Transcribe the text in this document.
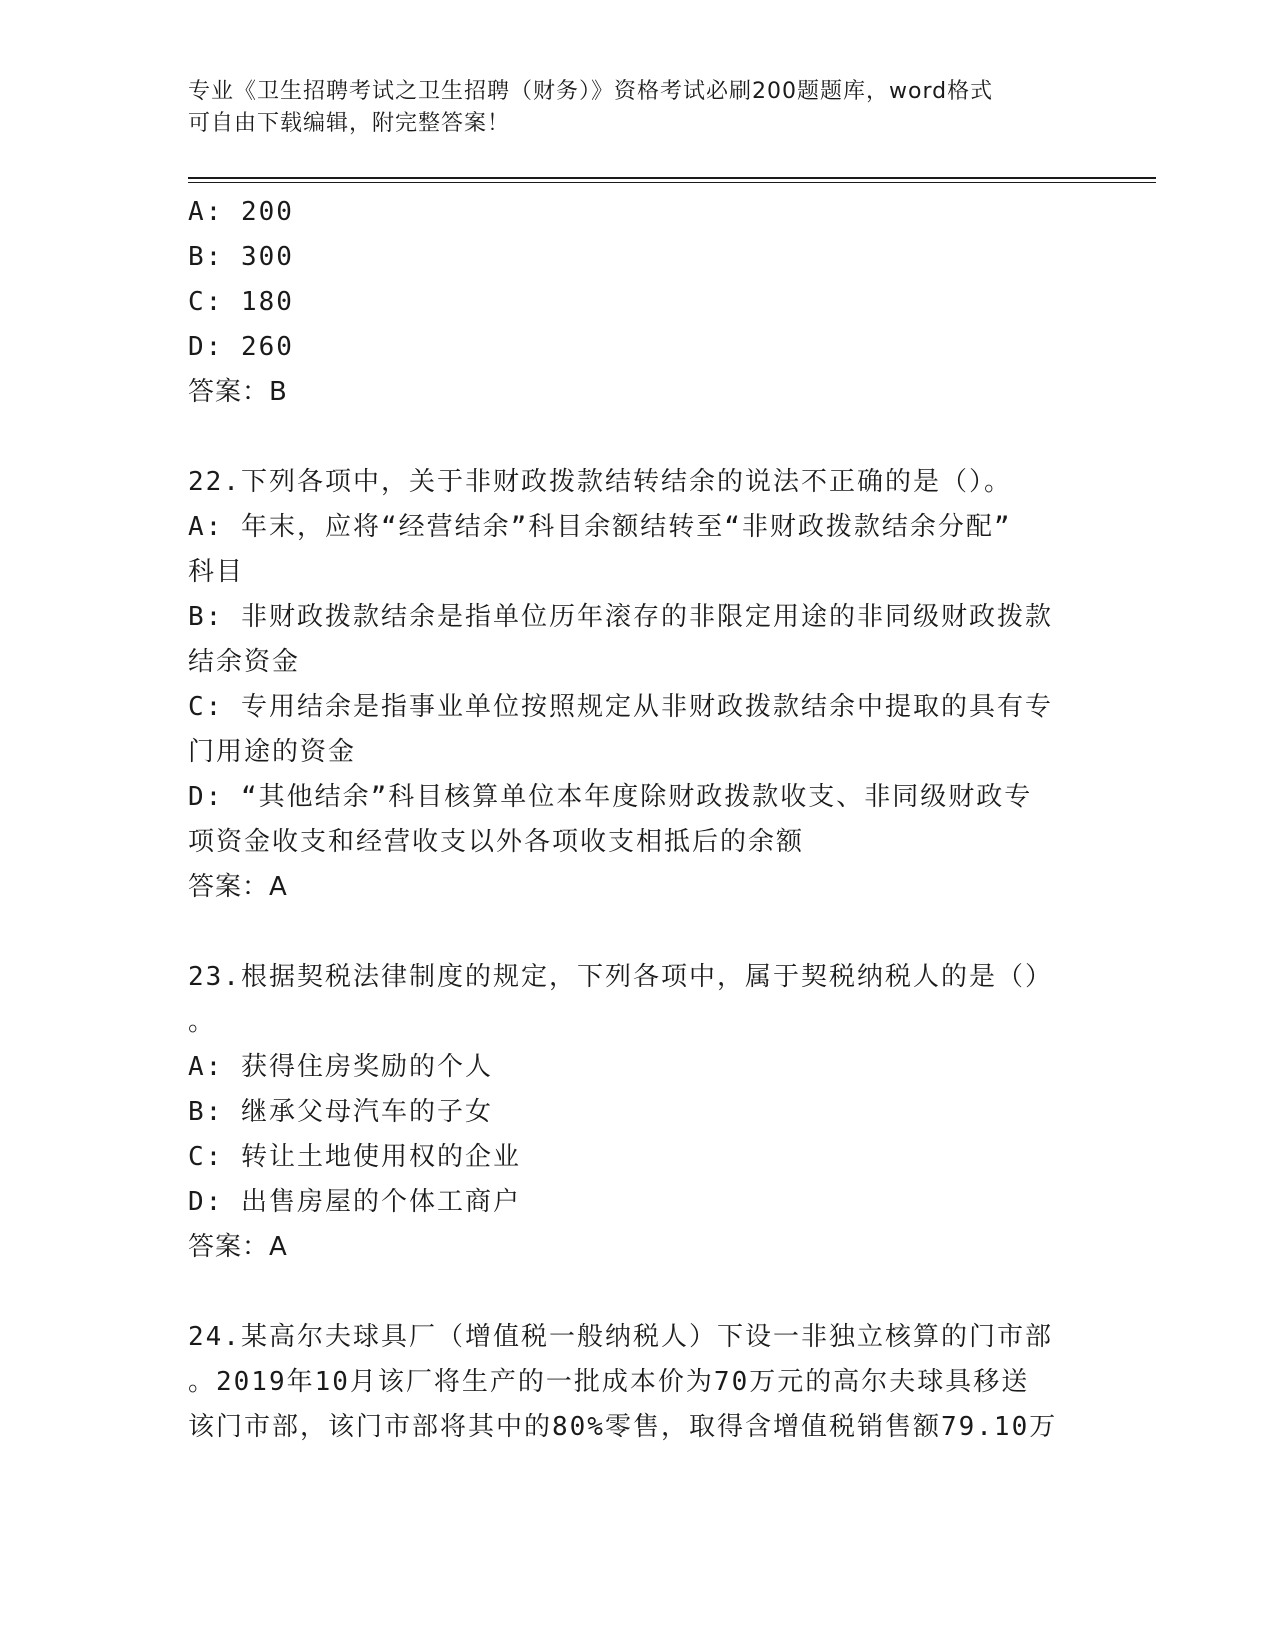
专业《卫生招聘考试之卫生招聘（财务）》资格考试必刷200题题库，word格式
可自由下载编辑，附完整答案！
A: 200
B: 300
C: 180
D: 260
答案：B
22.下列各项中，关于非财政拨款结转结余的说法不正确的是（）。
A: 年末，应将“经营结余”科目余额结转至“非财政拨款结余分配”
科目
B: 非财政拨款结余是指单位历年滚存的非限定用途的非同级财政拨款
结余资金
C: 专用结余是指事业单位按照规定从非财政拨款结余中提取的具有专
门用途的资金
D: “其他结余”科目核算单位本年度除财政拨款收支、非同级财政专
项资金收支和经营收支以外各项收支相抵后的余额
答案：A
23.根据契税法律制度的规定，下列各项中，属于契税纳税人的是（）
。
A: 获得住房奖励的个人
B: 继承父母汽车的子女
C: 转让土地使用权的企业
D: 出售房屋的个体工商户
答案：A
24.某高尔夫球具厂（增值税一般纳税人）下设一非独立核算的门市部
。2019年10月该厂将生产的一批成本价为70万元的高尔夫球具移送
该门市部，该门市部将其中的80%零售，取得含增值税销售额79.10万
